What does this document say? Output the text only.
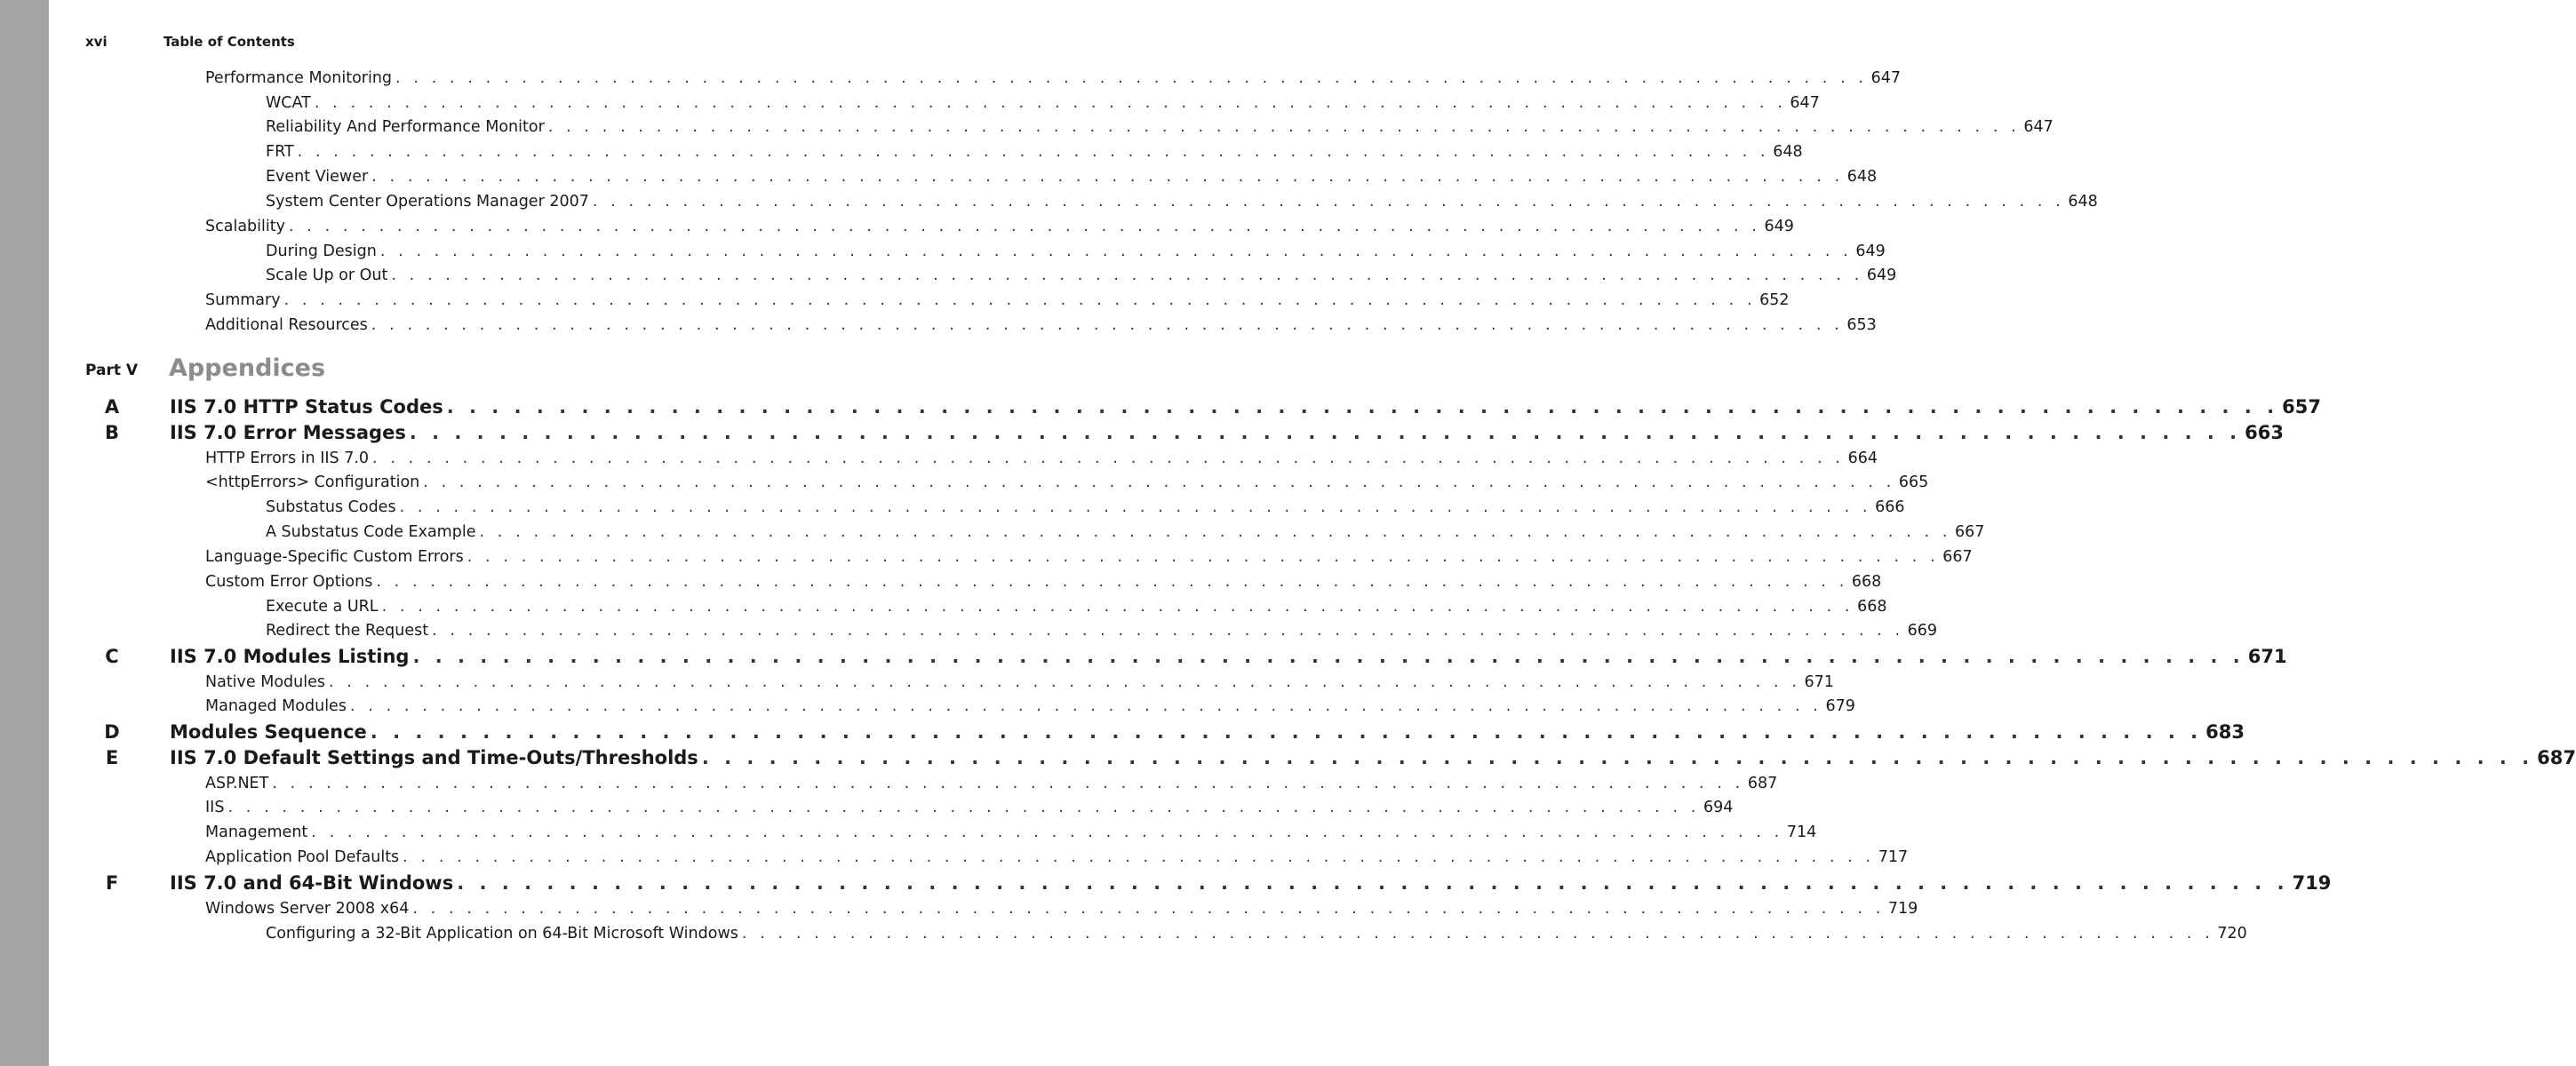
xvi	Table of Contents
Performance Monitoring . . . . . . . . . . . . . . . . . . . . . . . . . . . . . . . . . . . . . . . . . . . . . . . . . . . . . . . . . . . . . . . . . . . . . . . . . . . . . . . . . . 647
WCAT . . . . . . . . . . . . . . . . . . . . . . . . . . . . . . . . . . . . . . . . . . . . . . . . . . . . . . . . . . . . . . . . . . . . . . . . . . . . . . . . . . 647
Reliability And Performance Monitor . . . . . . . . . . . . . . . . . . . . . . . . . . . . . . . . . . . . . . . . . . . . . . . . . . . . . . . . . . . . . . . . . . . . . . . . . . . . . . . . . . 647
FRT . . . . . . . . . . . . . . . . . . . . . . . . . . . . . . . . . . . . . . . . . . . . . . . . . . . . . . . . . . . . . . . . . . . . . . . . . . . . . . . . . . 648
Event Viewer . . . . . . . . . . . . . . . . . . . . . . . . . . . . . . . . . . . . . . . . . . . . . . . . . . . . . . . . . . . . . . . . . . . . . . . . . . . . . . . . . . 648
System Center Operations Manager 2007 . . . . . . . . . . . . . . . . . . . . . . . . . . . . . . . . . . . . . . . . . . . . . . . . . . . . . . . . . . . . . . . . . . . . . . . . . . . . . . . . . . 648
Scalability . . . . . . . . . . . . . . . . . . . . . . . . . . . . . . . . . . . . . . . . . . . . . . . . . . . . . . . . . . . . . . . . . . . . . . . . . . . . . . . . . . 649
During Design . . . . . . . . . . . . . . . . . . . . . . . . . . . . . . . . . . . . . . . . . . . . . . . . . . . . . . . . . . . . . . . . . . . . . . . . . . . . . . . . . . 649
Scale Up or Out . . . . . . . . . . . . . . . . . . . . . . . . . . . . . . . . . . . . . . . . . . . . . . . . . . . . . . . . . . . . . . . . . . . . . . . . . . . . . . . . . . 649
Summary . . . . . . . . . . . . . . . . . . . . . . . . . . . . . . . . . . . . . . . . . . . . . . . . . . . . . . . . . . . . . . . . . . . . . . . . . . . . . . . . . . 652
Additional Resources . . . . . . . . . . . . . . . . . . . . . . . . . . . . . . . . . . . . . . . . . . . . . . . . . . . . . . . . . . . . . . . . . . . . . . . . . . . . . . . . . . 653
Part V Appendices
A	IIS 7.0 HTTP Status Codes . . . . . . . . . . . . . . . . . . . . . . . . . . . . . . . . . . . . . . . . . . . . . . . . . . . . . . . . . . . . . . . . . . . . . . . . . . . . . . . . . . 657
B	IIS 7.0 Error Messages . . . . . . . . . . . . . . . . . . . . . . . . . . . . . . . . . . . . . . . . . . . . . . . . . . . . . . . . . . . . . . . . . . . . . . . . . . . . . . . . . . 663
HTTP Errors in IIS 7.0 . . . . . . . . . . . . . . . . . . . . . . . . . . . . . . . . . . . . . . . . . . . . . . . . . . . . . . . . . . . . . . . . . . . . . . . . . . . . . . . . . . 664
<httpErrors> Configuration . . . . . . . . . . . . . . . . . . . . . . . . . . . . . . . . . . . . . . . . . . . . . . . . . . . . . . . . . . . . . . . . . . . . . . . . . . . . . . . . . . 665
Substatus Codes . . . . . . . . . . . . . . . . . . . . . . . . . . . . . . . . . . . . . . . . . . . . . . . . . . . . . . . . . . . . . . . . . . . . . . . . . . . . . . . . . . 666
A Substatus Code Example . . . . . . . . . . . . . . . . . . . . . . . . . . . . . . . . . . . . . . . . . . . . . . . . . . . . . . . . . . . . . . . . . . . . . . . . . . . . . . . . . . 667
Language-Specific Custom Errors . . . . . . . . . . . . . . . . . . . . . . . . . . . . . . . . . . . . . . . . . . . . . . . . . . . . . . . . . . . . . . . . . . . . . . . . . . . . . . . . . . 667
Custom Error Options . . . . . . . . . . . . . . . . . . . . . . . . . . . . . . . . . . . . . . . . . . . . . . . . . . . . . . . . . . . . . . . . . . . . . . . . . . . . . . . . . . 668
Execute a URL . . . . . . . . . . . . . . . . . . . . . . . . . . . . . . . . . . . . . . . . . . . . . . . . . . . . . . . . . . . . . . . . . . . . . . . . . . . . . . . . . . 668
Redirect the Request . . . . . . . . . . . . . . . . . . . . . . . . . . . . . . . . . . . . . . . . . . . . . . . . . . . . . . . . . . . . . . . . . . . . . . . . . . . . . . . . . . 669
C	IIS 7.0 Modules Listing . . . . . . . . . . . . . . . . . . . . . . . . . . . . . . . . . . . . . . . . . . . . . . . . . . . . . . . . . . . . . . . . . . . . . . . . . . . . . . . . . . 671
Native Modules . . . . . . . . . . . . . . . . . . . . . . . . . . . . . . . . . . . . . . . . . . . . . . . . . . . . . . . . . . . . . . . . . . . . . . . . . . . . . . . . . . 671
Managed Modules . . . . . . . . . . . . . . . . . . . . . . . . . . . . . . . . . . . . . . . . . . . . . . . . . . . . . . . . . . . . . . . . . . . . . . . . . . . . . . . . . . 679
D	Modules Sequence . . . . . . . . . . . . . . . . . . . . . . . . . . . . . . . . . . . . . . . . . . . . . . . . . . . . . . . . . . . . . . . . . . . . . . . . . . . . . . . . . . 683
E	IIS 7.0 Default Settings and Time-Outs/Thresholds . . . . . . . . . . . . . . . . . . . . . . . . . . . . . . . . . . . . . . . . . . . . . . . . . . . . . . . . . . . . . . . . . . . . . . . . . . . . . . . . . . 687
ASP.NET . . . . . . . . . . . . . . . . . . . . . . . . . . . . . . . . . . . . . . . . . . . . . . . . . . . . . . . . . . . . . . . . . . . . . . . . . . . . . . . . . . 687
IIS . . . . . . . . . . . . . . . . . . . . . . . . . . . . . . . . . . . . . . . . . . . . . . . . . . . . . . . . . . . . . . . . . . . . . . . . . . . . . . . . . . 694
Management . . . . . . . . . . . . . . . . . . . . . . . . . . . . . . . . . . . . . . . . . . . . . . . . . . . . . . . . . . . . . . . . . . . . . . . . . . . . . . . . . . 714
Application Pool Defaults . . . . . . . . . . . . . . . . . . . . . . . . . . . . . . . . . . . . . . . . . . . . . . . . . . . . . . . . . . . . . . . . . . . . . . . . . . . . . . . . . . 717
F	IIS 7.0 and 64-Bit Windows . . . . . . . . . . . . . . . . . . . . . . . . . . . . . . . . . . . . . . . . . . . . . . . . . . . . . . . . . . . . . . . . . . . . . . . . . . . . . . . . . . 719
Windows Server 2008 x64 . . . . . . . . . . . . . . . . . . . . . . . . . . . . . . . . . . . . . . . . . . . . . . . . . . . . . . . . . . . . . . . . . . . . . . . . . . . . . . . . . . 719
Configuring a 32-Bit Application on 64-Bit Microsoft Windows . . . . . . . . . . . . . . . . . . . . . . . . . . . . . . . . . . . . . . . . . . . . . . . . . . . . . . . . . . . . . . . . . . . . . . . . . . . . . . . . . . 720
